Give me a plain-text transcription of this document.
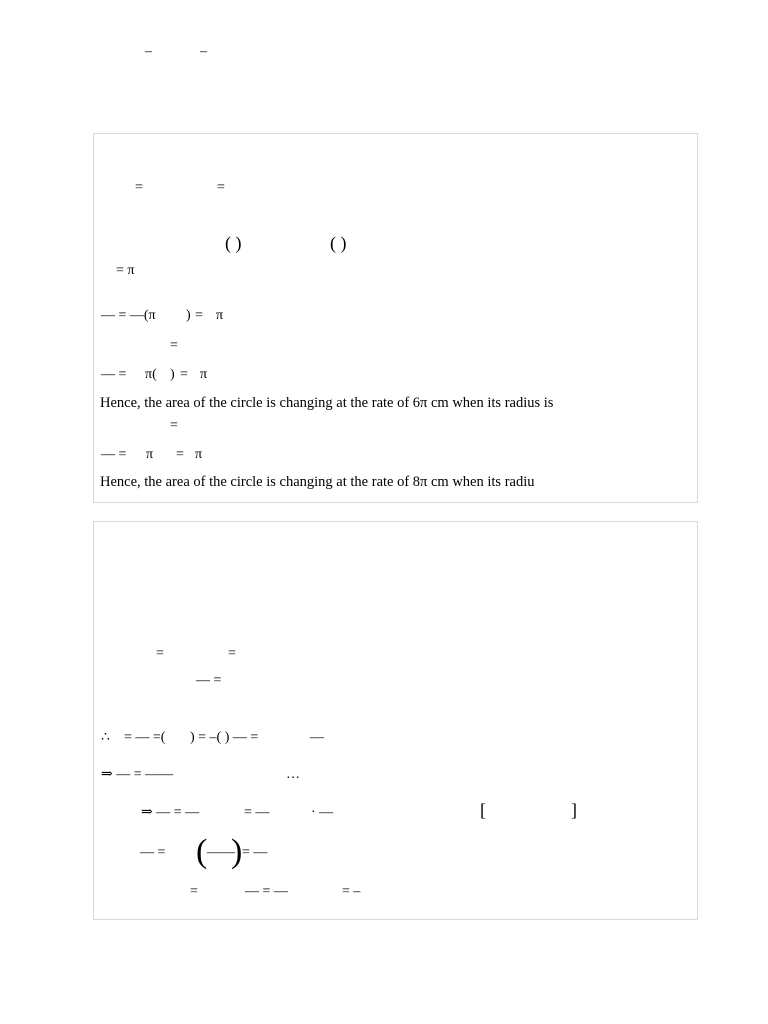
–	–
=	=
( )	( )
= π
— = —(π ) = π
=
— = π( ) = π
Hence, the area of the circle is changing at the rate of 6π cm when its radius is
=
— = π = π
Hence, the area of the circle is changing at the rate of 8π cm when its radiu
=	=
— =
∴ = — =( ) = –( ) — =	—
⇒ — = ——	…
⇒ — = —	= —	· —	[	]
— = ( ——
) = —
=	— = —	= –
